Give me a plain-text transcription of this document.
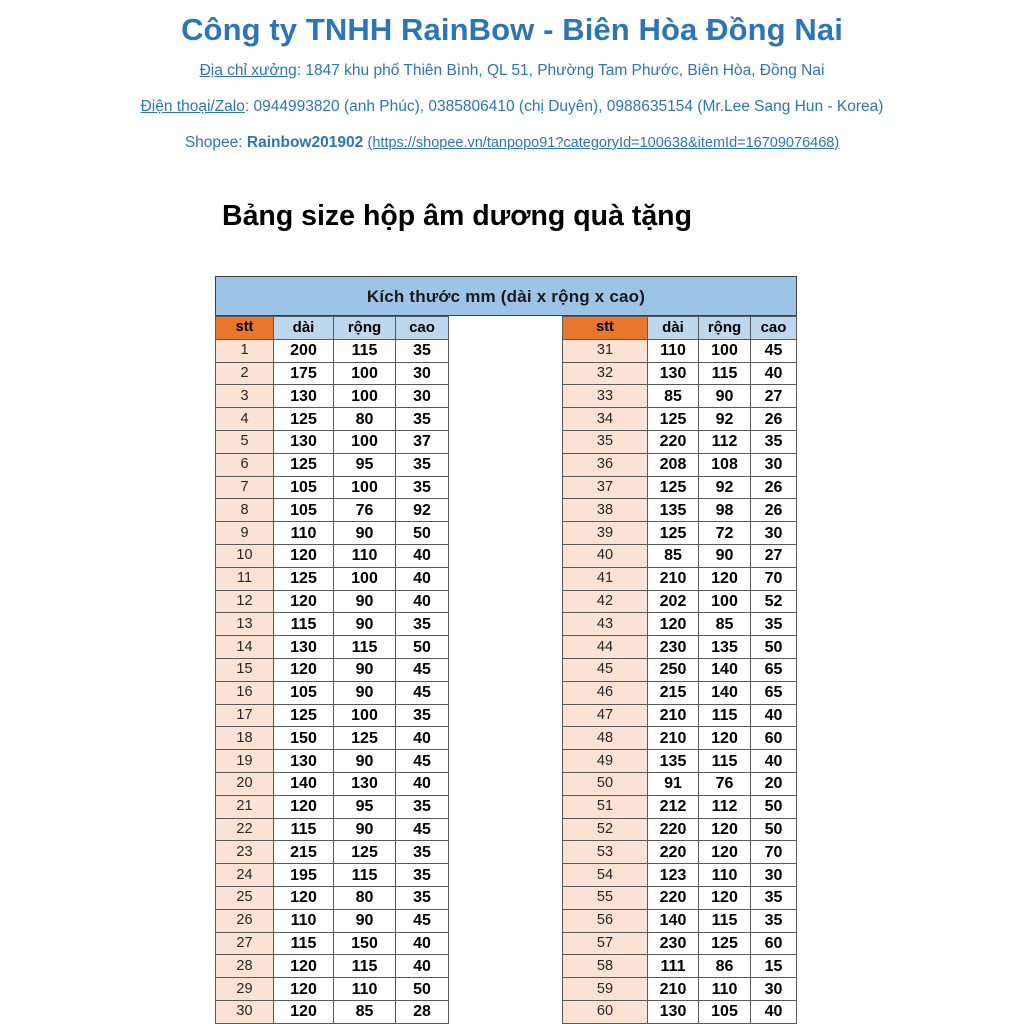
Công ty TNHH RainBow - Biên Hòa Đồng Nai
Địa chỉ xưởng: 1847 khu phố Thiên Bình, QL 51, Phường Tam Phước, Biên Hòa, Đồng Nai
Điện thoại/Zalo: 0944993820 (anh Phúc), 0385806410 (chị Duyên), 0988635154 (Mr.Lee Sang Hun - Korea)
Shopee: Rainbow201902 (https://shopee.vn/tanpopo91?categoryId=100638&itemId=16709076468)
Bảng size hộp âm dương quà tặng
Kích thước mm (dài x rộng x cao)
stt	dài	rộng	cao
1	200	115	35
2	175	100	30
3	130	100	30
4	125	80	35
5	130	100	37
6	125	95	35
7	105	100	35
8	105	76	92
9	110	90	50
10	120	110	40
11	125	100	40
12	120	90	40
13	115	90	35
14	130	115	50
15	120	90	45
16	105	90	45
17	125	100	35
18	150	125	40
19	130	90	45
20	140	130	40
21	120	95	35
22	115	90	45
23	215	125	35
24	195	115	35
25	120	80	35
26	110	90	45
27	115	150	40
28	120	115	40
29	120	110	50
30	120	85	28
stt	dài	rộng	cao
31	110	100	45
32	130	115	40
33	85	90	27
34	125	92	26
35	220	112	35
36	208	108	30
37	125	92	26
38	135	98	26
39	125	72	30
40	85	90	27
41	210	120	70
42	202	100	52
43	120	85	35
44	230	135	50
45	250	140	65
46	215	140	65
47	210	115	40
48	210	120	60
49	135	115	40
50	91	76	20
51	212	112	50
52	220	120	50
53	220	120	70
54	123	110	30
55	220	120	35
56	140	115	35
57	230	125	60
58	111	86	15
59	210	110	30
60	130	105	40
